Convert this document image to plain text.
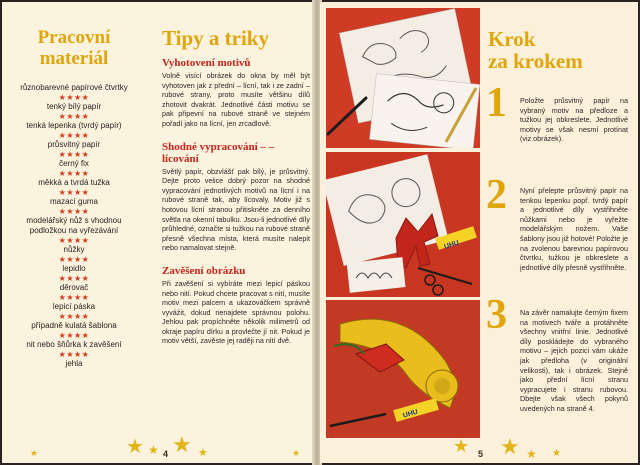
Pracovní
materiál
různobarevné papírové čtvrtky
★★★★
tenký bílý papír
★★★★
tenká lepenka (tvrdý papír)
★★★★
průsvitný papír
★★★★
černý fix
★★★★
měkká a tvrdá tužka
★★★★
mazací guma
★★★★
modelářský nůž s vhodnou podložkou na vyřezávání
★★★★
nůžky
★★★★
lepidlo
★★★★
děrovač
★★★★
lepicí páska
★★★★
případně kulatá šablona
★★★★
nit nebo šňůrka k zavěšení
★★★★
jehla
Tipy a triky
Vyhotovení motivů

Volně visící obrázek do okna by měl být vyhotoven jak z přední – lícní, tak i ze zadní – rubové strany, proto musíte většinu dílů zhotovit dvakrát. Jednotlivé části motivu se pak připevní na rubové straně ve stejném pořadí jako na lícní, jen zrcadlově.

Shodné vypracování – – lícování

Světlý papír, obzvlášť pak bílý, je průsvitný. Dejte proto velice dobrý pozor na shodné vypracování jednotlivých motivů na lícní i na rubové straně tak, aby lícovaly. Motiv již s hotovou lícní stranou přitiskněte za denního světla na okenní tabulku. Jsou-li jednotlivé díly průhledné, označte si tužkou na rubové straně přesně všechna místa, která musíte nalepit nebo namalovat stejně.

Zavěšení obrázku

Při zavěšení si vybíráte mezi lepicí páskou nebo nití. Pokud chcete pracovat s nití, musíte motiv mezi palcem a ukazováčkem správně vyvážit, dokud nenajdete správnou polohu. Jehlou pak propíchněte několik milimetrů od okraje papíru dírku a provlečte jí nit. Pokud je motiv větší, zavěste jej raději na nití dvě.

★ ★ ★ ★
★	★
4
UHU
UHU
Krok
za krokem
1 Položte průsvitný papír na vybraný motiv na předloze a tužkou jej obkreslete. Jednotlivé motivy se však nesmí protínat (viz obrázek).
2 Nyní přelepte průsvitný papír na tenkou lepenku popř. tvrdý papír a jednotlivé díly vystřihněte nůžkami nebo je vyřežte modelářským nožem. Vaše šablony jsou již hotové! Položte je na zvolenou barevnou papírovou čtvrtku, tužkou je obkreslete a jednotlivé díly přesně vystřihněte.
3 Na závěr namalujte černým fixem na motivech tváře a protáhněte všechny vnitřní linie. Jednotlivé díly poskládejte do vybraného motivu – jejich pozici vám ukáže jak předloha (v originální velikosti), tak i obrázek. Stejně jako přední lícní stranu vypracujete i stranu rubovou. Dbejte však všech pokynů uvedených na straně 4.
★ ★ ★ ★
5
